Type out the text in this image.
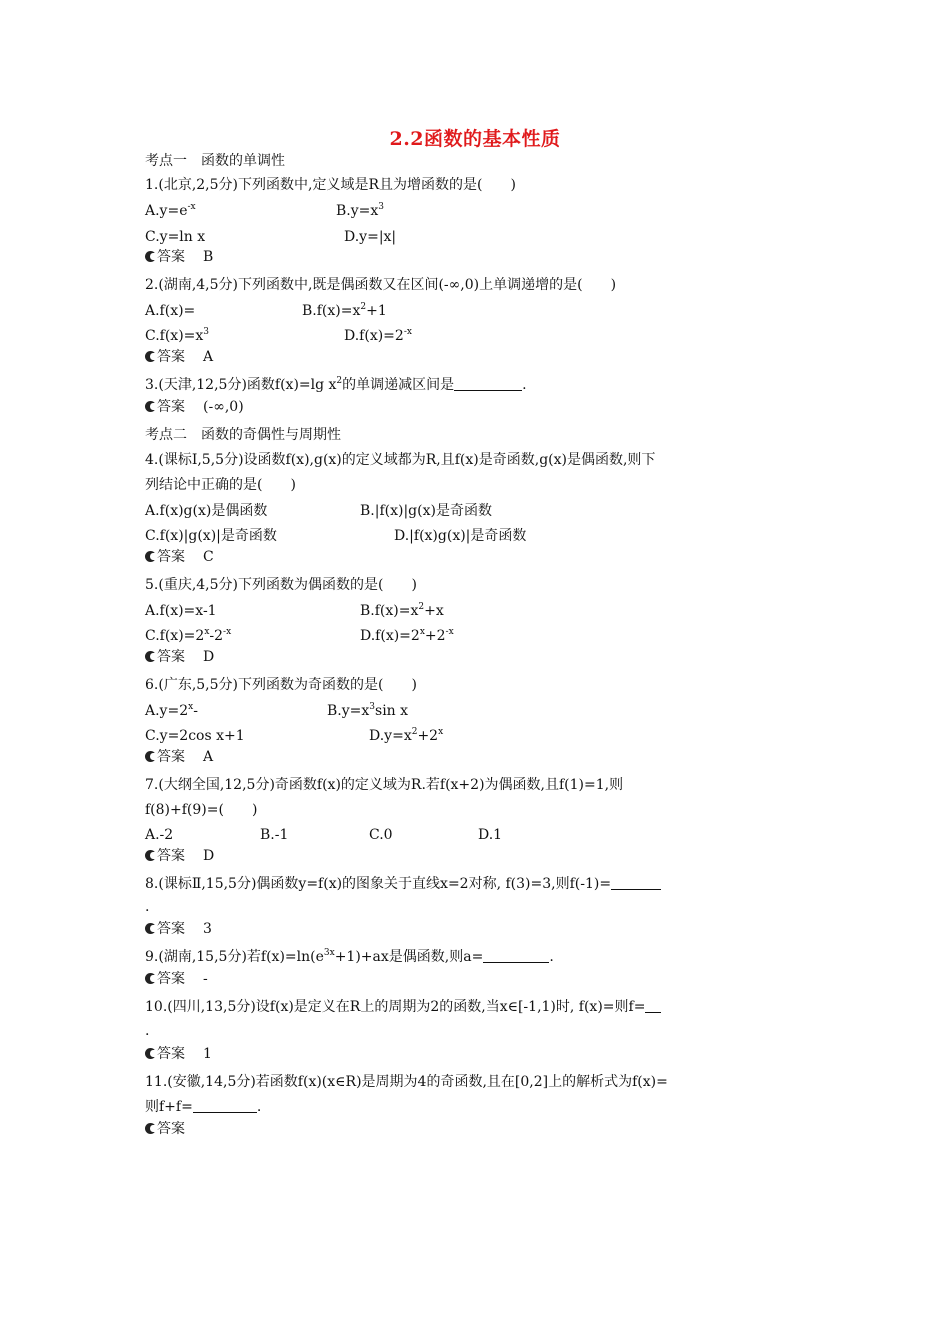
2.2函数的基本性质
考点一　函数的单调性
1.(北京,2,5分)下列函数中,定义域是R且为增函数的是(　　)
$A.y=e^{-x}$	$B.y=x^3$
C.y=ln x	D.y=|x|
答案 B
2.(湖南,4,5分)下列函数中,既是偶函数又在区间(-∞,0)上单调递增的是(　　)
A.f(x)=	$B.f(x)=x^2+1$
$C.f(x)=x^3$	$D.f(x)=2^{-x}$
答案 A
3.(天津,12,5分)函数f(x)=lg $x^2$的单调递减区间是	.
答案 (-∞,0)
考点二　函数的奇偶性与周期性
4.(课标Ⅰ,5,5分)设函数f(x),g(x)的定义域都为R,且f(x)是奇函数,g(x)是偶函数,则下
列结论中正确的是(　　)
A.f(x)g(x)是偶函数	B.|f(x)|g(x)是奇函数
C.f(x)|g(x)|是奇函数	D.|f(x)g(x)|是奇函数
答案 C
5.(重庆,4,5分)下列函数为偶函数的是(　　)
A.f(x)=x-1	$B.f(x)=x^2+x$
$C.f(x)=2^x-2^{-x}$	$D.f(x)=2^x+2^{-x}$
答案 D
6.(广东,5,5分)下列函数为奇函数的是(　　)
$A.y=2^x-$	$B.y=x^3\sin$ x
C.y=2cos x+1	$D.y=x^2+2^x$
答案 A
7.(大纲全国,12,5分)奇函数f(x)的定义域为R.若f(x+2)为偶函数,且f(1)=1,则
f(8)+f(9)=(　　)
A.-2	B.-1	C.0	D.1
答案 D
8.(课标Ⅱ,15,5分)偶函数y=f(x)的图象关于直线x=2对称, f(3)=3,则f(-1)=
.
答案 3
9.(湖南,15,5分)若$f(x)=\ln(e^{3x}+1)+ax$是偶函数,则a=	.
答案 -
10.(四川,13,5分)设f(x)是定义在R上的周期为2的函数,当x∈[-1,1)时, f(x)=则f=
.
答案 1
11.(安徽,14,5分)若函数f(x)(x∈R)是周期为4的奇函数,且在[0,2]上的解析式为f(x)=
则f+f=	.
答案
